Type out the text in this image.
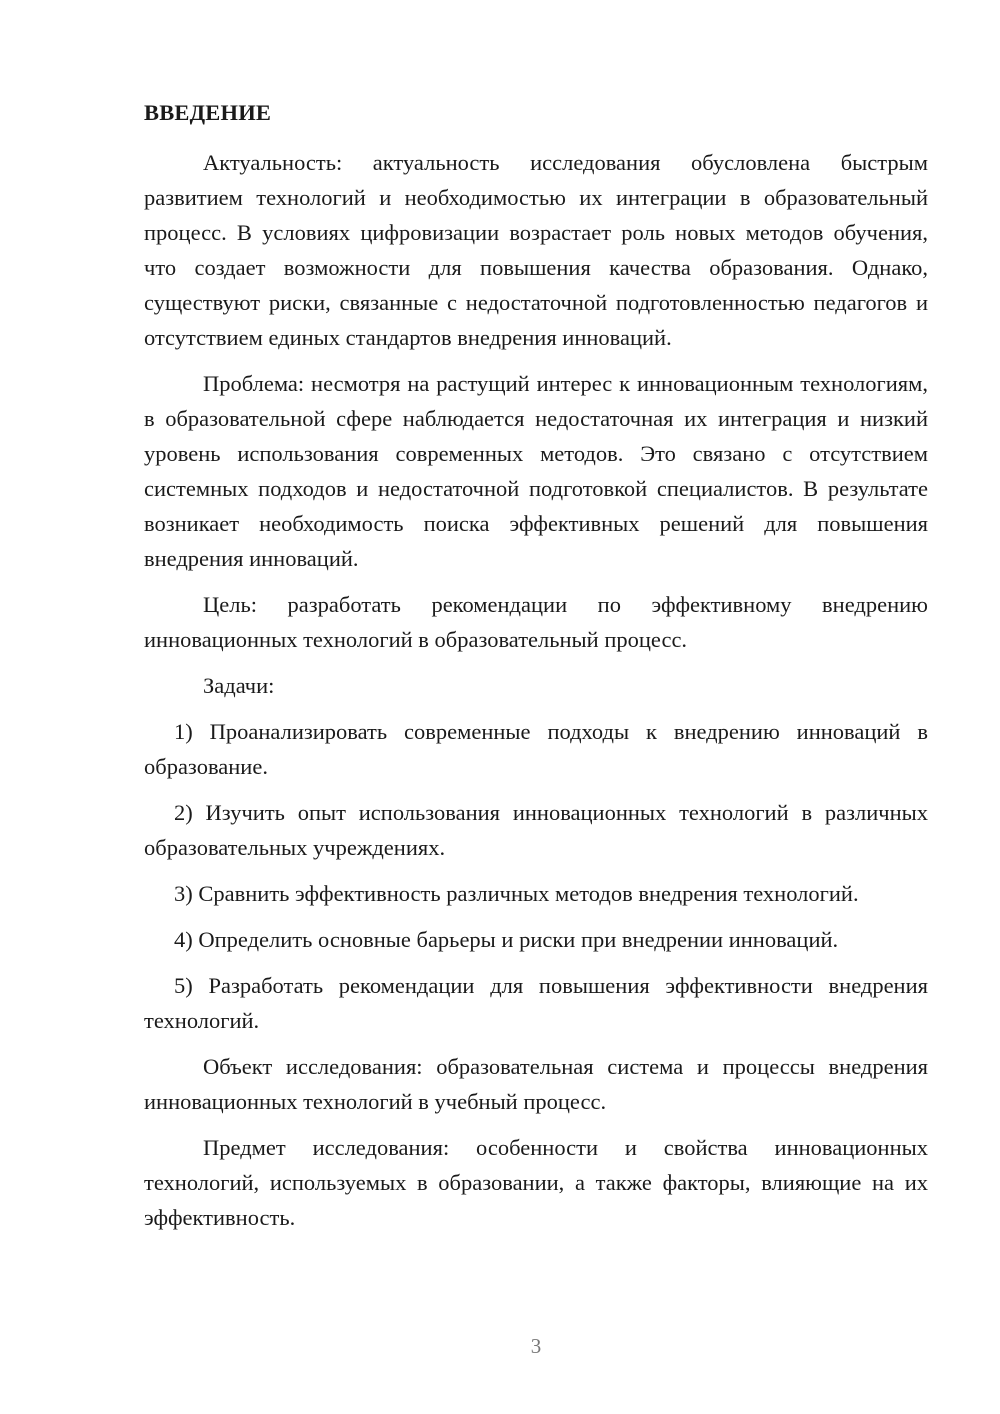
ВВЕДЕНИЕ

Актуальность: актуальность исследования обусловлена быстрым развитием технологий и необходимостью их интеграции в образовательный процесс. В условиях цифровизации возрастает роль новых методов обучения, что создает возможности для повышения качества образования. Однако, существуют риски, связанные с недостаточной подготовленностью педагогов и отсутствием единых стандартов внедрения инноваций.

Проблема: несмотря на растущий интерес к инновационным технологиям, в образовательной сфере наблюдается недостаточная их интеграция и низкий уровень использования современных методов. Это связано с отсутствием системных подходов и недостаточной подготовкой специалистов. В результате возникает необходимость поиска эффективных решений для повышения внедрения инноваций.

Цель: разработать рекомендации по эффективному внедрению инновационных технологий в образовательный процесс.

Задачи:

1) Проанализировать современные подходы к внедрению инноваций в образование.

2) Изучить опыт использования инновационных технологий в различных образовательных учреждениях.

3) Сравнить эффективность различных методов внедрения технологий.

4) Определить основные барьеры и риски при внедрении инноваций.

5) Разработать рекомендации для повышения эффективности внедрения технологий.

Объект исследования: образовательная система и процессы внедрения инновационных технологий в учебный процесс.

Предмет исследования: особенности и свойства инновационных технологий, используемых в образовании, а также факторы, влияющие на их эффективность.

3
